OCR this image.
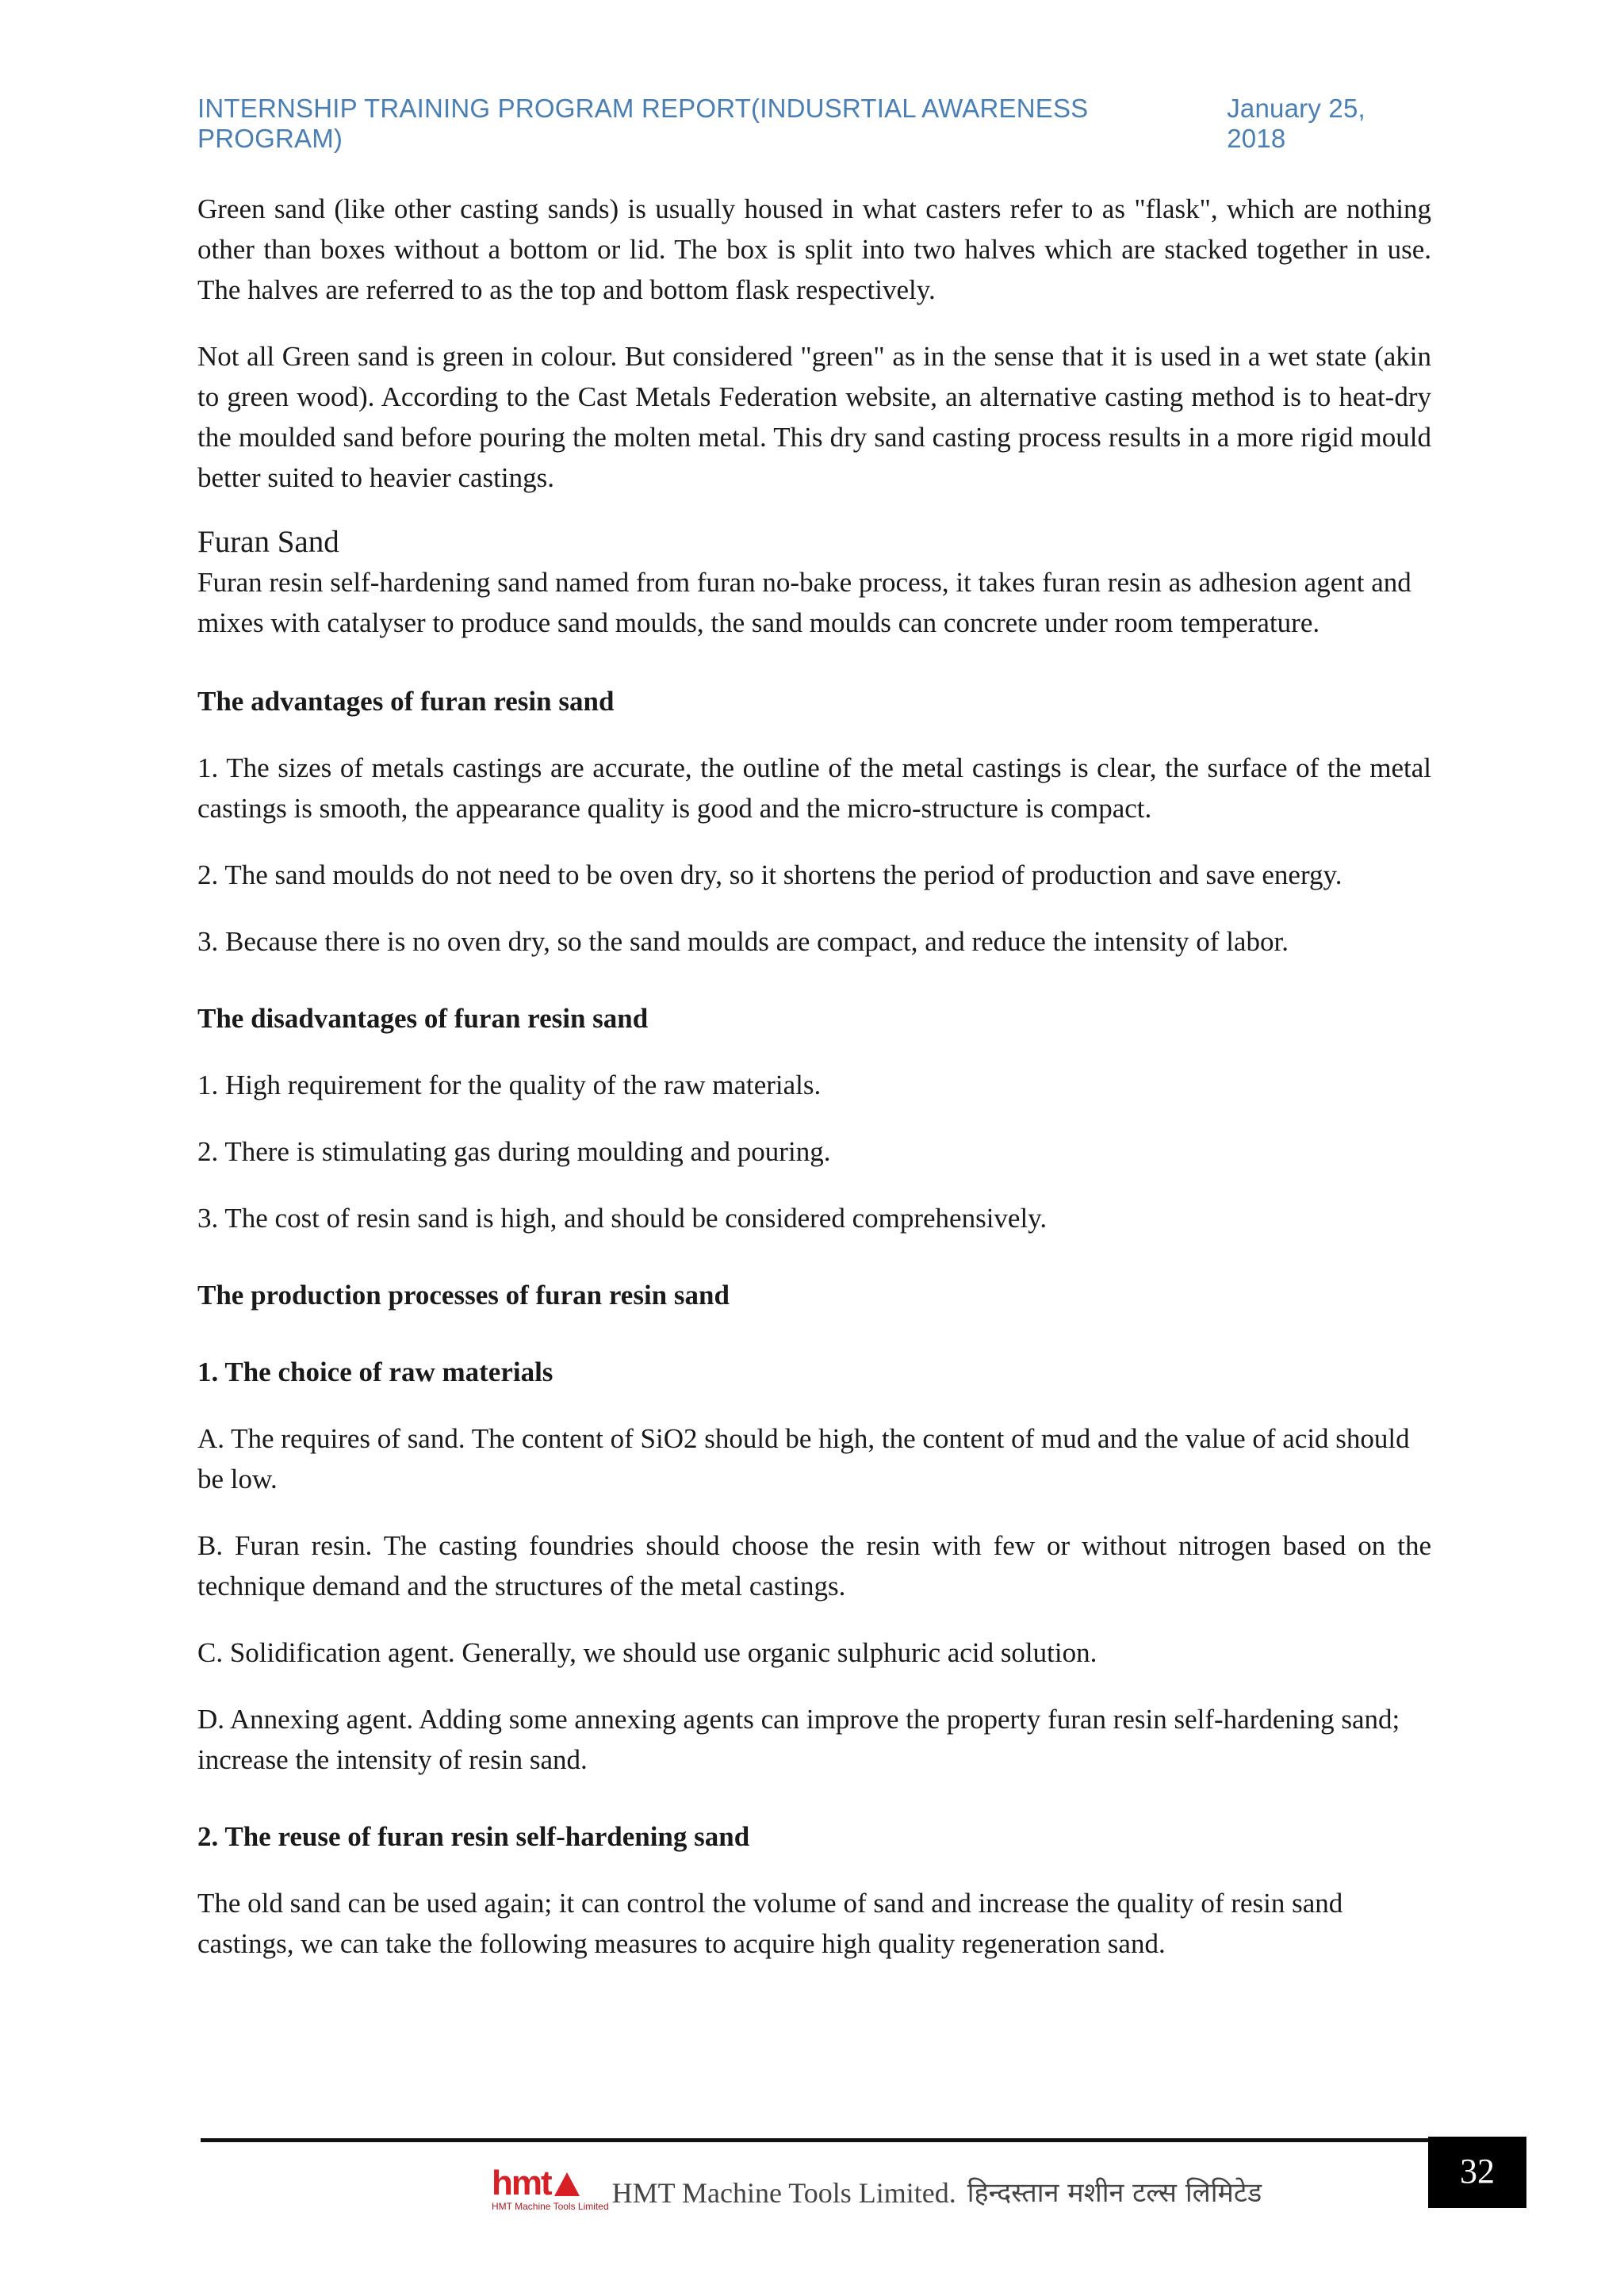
INTERNSHIP TRAINING PROGRAM REPORT(INDUSRTIAL AWARENESS PROGRAM)
January 25, 2018

Green sand (like other casting sands) is usually housed in what casters refer to as "flask", which are nothing other than boxes without a bottom or lid. The box is split into two halves which are stacked together in use. The halves are referred to as the top and bottom flask respectively.

Not all Green sand is green in colour. But considered "green" as in the sense that it is used in a wet state (akin to green wood). According to the Cast Metals Federation website, an alternative casting method is to heat-dry the moulded sand before pouring the molten metal. This dry sand casting process results in a more rigid mould better suited to heavier castings.

Furan Sand

Furan resin self-hardening sand named from furan no-bake process, it takes furan resin as adhesion agent and mixes with catalyser to produce sand moulds, the sand moulds can concrete under room temperature.

The advantages of furan resin sand

1. The sizes of metals castings are accurate, the outline of the metal castings is clear, the surface of the metal castings is smooth, the appearance quality is good and the micro-structure is compact.

2. The sand moulds do not need to be oven dry, so it shortens the period of production and save energy.

3. Because there is no oven dry, so the sand moulds are compact, and reduce the intensity of labor.

The disadvantages of furan resin sand

1. High requirement for the quality of the raw materials.

2. There is stimulating gas during moulding and pouring.

3. The cost of resin sand is high, and should be considered comprehensively.

The production processes of furan resin sand

1. The choice of raw materials

A. The requires of sand. The content of SiO2 should be high, the content of mud and the value of acid should be low.

B. Furan resin. The casting foundries should choose the resin with few or without nitrogen based on the technique demand and the structures of the metal castings.

C. Solidification agent. Generally, we should use organic sulphuric acid solution.

D. Annexing agent. Adding some annexing agents can improve the property furan resin self-hardening sand; increase the intensity of resin sand.

2. The reuse of furan resin self-hardening sand

The old sand can be used again; it can control the volume of sand and increase the quality of resin sand castings, we can take the following measures to acquire high quality regeneration sand.

hmt
HMT Machine Tools Limited HMT Machine Tools Limited. हिन्दस्तान मशीन टल्स लिमिटेड
32
